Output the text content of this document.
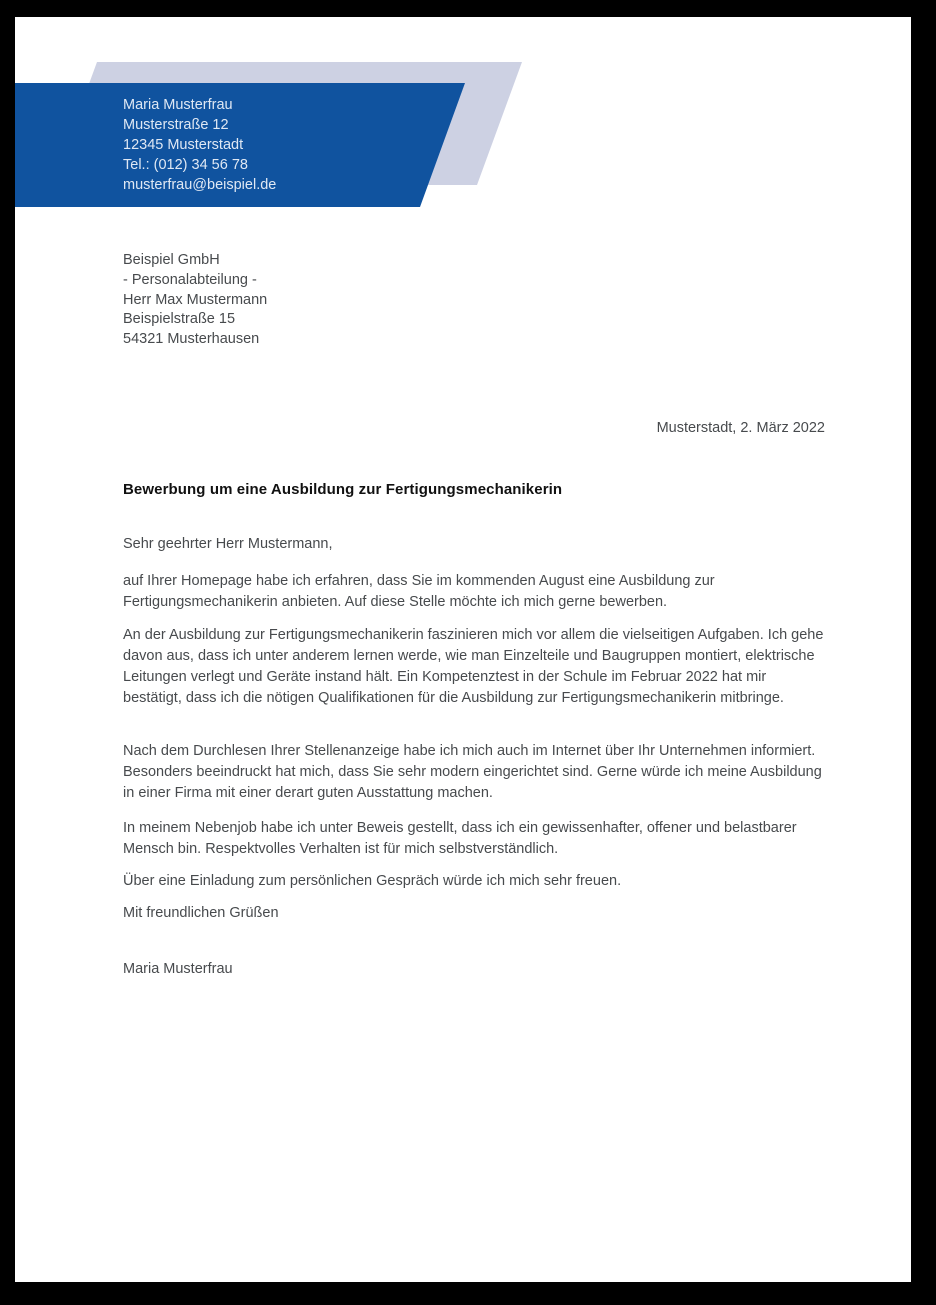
Maria Musterfrau
Musterstraße 12
12345 Musterstadt
Tel.: (012) 34 56 78
musterfrau@beispiel.de
Beispiel GmbH
- Personalabteilung -
Herr Max Mustermann
Beispielstraße 15
54321 Musterhausen
Musterstadt, 2. März 2022
Bewerbung um eine Ausbildung zur Fertigungsmechanikerin
Sehr geehrter Herr Mustermann,

auf Ihrer Homepage habe ich erfahren, dass Sie im kommenden August eine Ausbildung zur Fertigungsmechanikerin anbieten. Auf diese Stelle möchte ich mich gerne bewerben.

An der Ausbildung zur Fertigungsmechanikerin faszinieren mich vor allem die vielseitigen Aufgaben. Ich gehe davon aus, dass ich unter anderem lernen werde, wie man Einzelteile und Baugruppen montiert, elektrische Leitungen verlegt und Geräte instand hält. Ein Kompetenztest in der Schule im Februar 2022 hat mir bestätigt, dass ich die nötigen Qualifikationen für die Ausbildung zur Fertigungsmechanikerin mitbringe.

Nach dem Durchlesen Ihrer Stellenanzeige habe ich mich auch im Internet über Ihr Unternehmen informiert. Besonders beeindruckt hat mich, dass Sie sehr modern eingerichtet sind. Gerne würde ich meine Ausbildung in einer Firma mit einer derart guten Ausstattung machen.

In meinem Nebenjob habe ich unter Beweis gestellt, dass ich ein gewissenhafter, offener und belastbarer Mensch bin. Respektvolles Verhalten ist für mich selbstverständlich.

Über eine Einladung zum persönlichen Gespräch würde ich mich sehr freuen.

Mit freundlichen Grüßen
Maria Musterfrau
